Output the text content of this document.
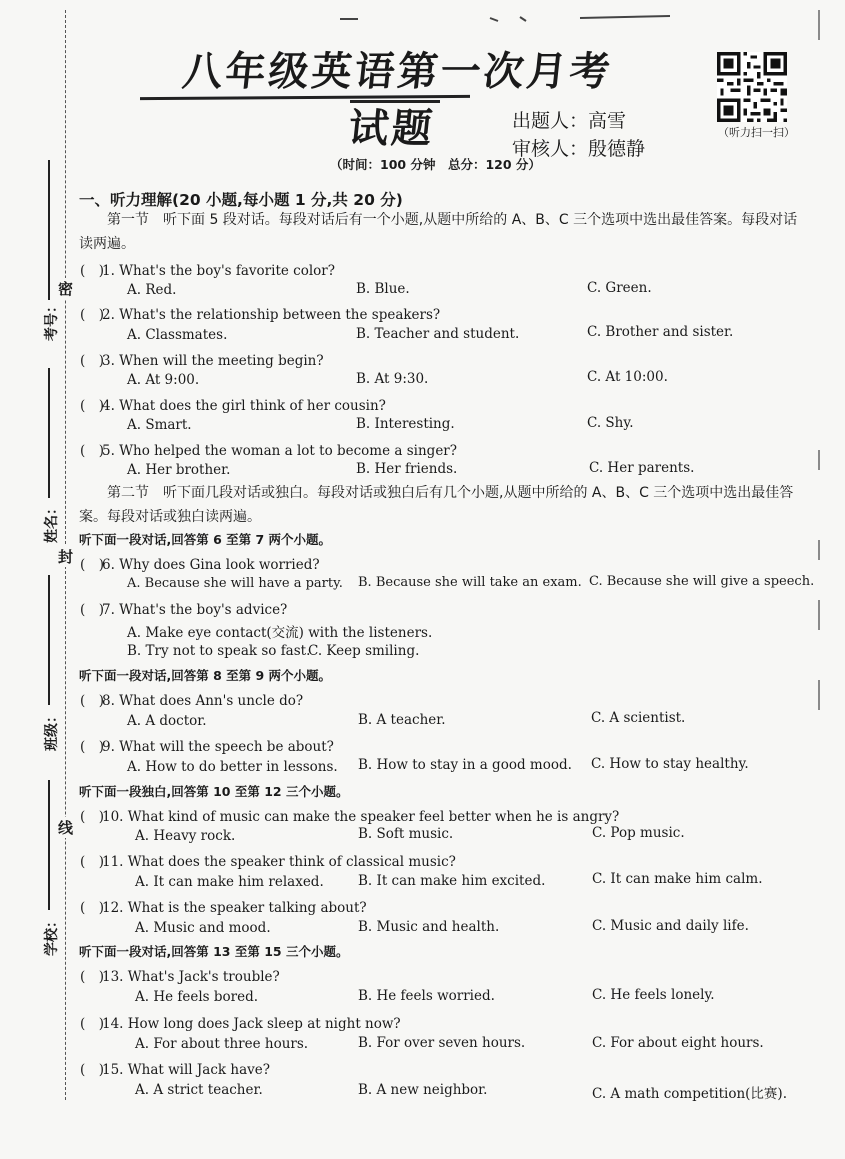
八年级英语第一次月考试题	出题人：高雪
审核人：殷德静
（听力扫一扫）
（时间：100 分钟　总分：120 分）
密
封
线
考号：
姓名：
班级：
学校：
一、听力理解(20 小题,每小题 1 分,共 20 分)
第一节　听下面 5 段对话。每段对话后有一个小题,从题中所给的 A、B、C 三个选项中选出最佳答案。每段对话读两遍。
(　)1. What's the boy's favorite color?
A. Red.	B. Blue.	C. Green.
(　)2. What's the relationship between the speakers?
A. Classmates.	B. Teacher and student.	C. Brother and sister.
(　)3. When will the meeting begin?
A. At 9:00.	B. At 9:30.	C. At 10:00.
(　)4. What does the girl think of her cousin?
A. Smart.	B. Interesting.	C. Shy.
(　)5. Who helped the woman a lot to become a singer?
A. Her brother.	B. Her friends.	C. Her parents.
第二节　听下面几段对话或独白。每段对话或独白后有几个小题,从题中所给的 A、B、C 三个选项中选出最佳答案。每段对话或独白读两遍。
听下面一段对话,回答第 6 至第 7 两个小题。
(　)6. Why does Gina look worried?
A. Because she will have a party. B. Because she will take an exam. C. Because she will give a speech.
(　)7. What's the boy's advice?
A. Make eye contact(交流) with the listeners.
B. Try not to speak so fast.
C. Keep smiling.
听下面一段对话,回答第 8 至第 9 两个小题。
(　)8. What does Ann's uncle do?
A. A doctor.	B. A teacher.	C. A scientist.
(　)9. What will the speech be about?
A. How to do better in lessons. B. How to stay in a good mood. C. How to stay healthy.
听下面一段独白,回答第 10 至第 12 三个小题。
(　)10. What kind of music can make the speaker feel better when he is angry?
A. Heavy rock.	B. Soft music.	C. Pop music.
(　)11. What does the speaker think of classical music?
A. It can make him relaxed.	B. It can make him excited.	C. It can make him calm.
(　)12. What is the speaker talking about?
A. Music and mood.	B. Music and health.	C. Music and daily life.
听下面一段对话,回答第 13 至第 15 三个小题。
(　)13. What's Jack's trouble?
A. He feels bored.	B. He feels worried.	C. He feels lonely.
(　)14. How long does Jack sleep at night now?
A. For about three hours.	B. For over seven hours.	C. For about eight hours.
(　)15. What will Jack have?
A. A strict teacher.	B. A new neighbor.	C. A math competition(比赛).
